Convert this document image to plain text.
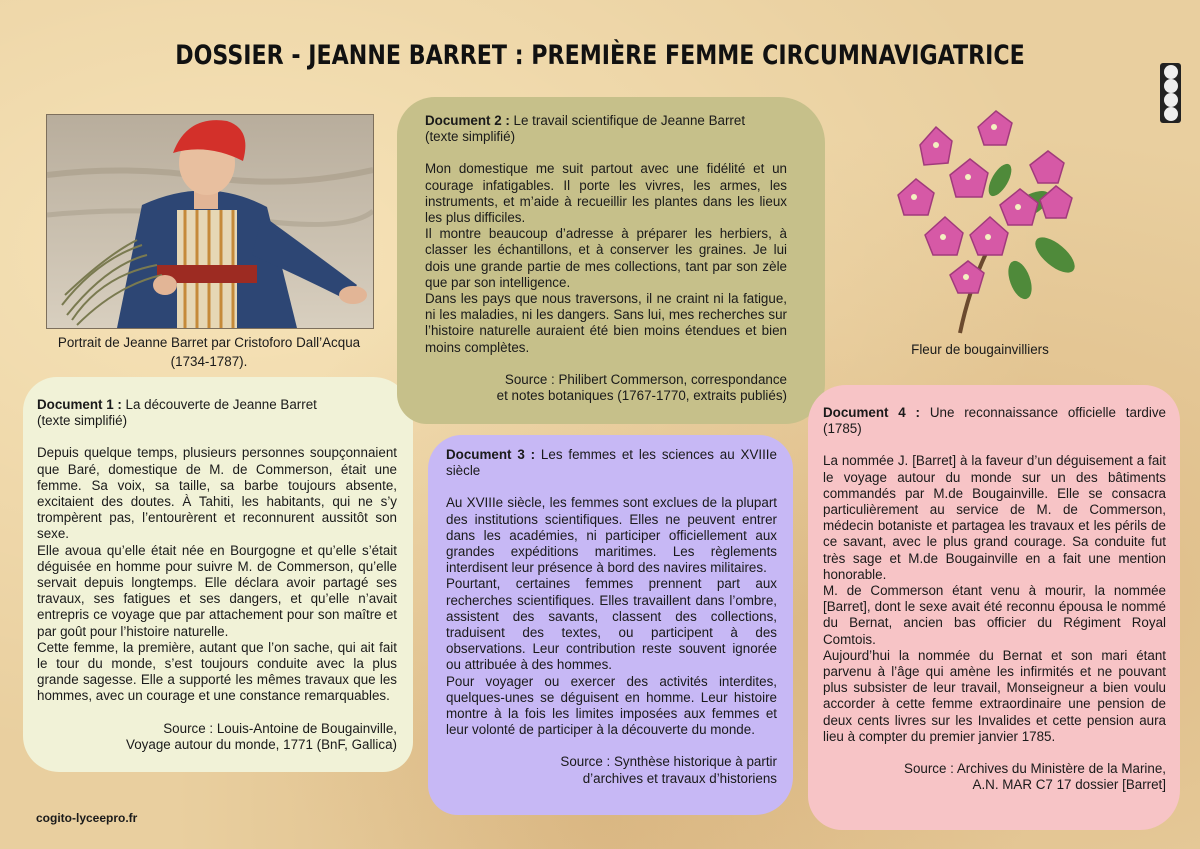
DOSSIER - JEANNE BARRET : PREMIÈRE FEMME CIRCUMNAVIGATRICE
Portrait de Jeanne Barret par Cristoforo Dall’Acqua (1734-1787).
Fleur de bougainvilliers

Document 1 : La découverte de Jeanne Barret

(texte simplifié)

Depuis quelque temps, plusieurs personnes soupçonnaient que Baré, domestique de M. de Commerson, était une femme. Sa voix, sa taille, sa barbe toujours absente, excitaient des doutes. À Tahiti, les habitants, qui ne s’y trompèrent pas, l’entourèrent et reconnurent aussitôt son sexe.

Elle avoua qu’elle était née en Bourgogne et qu’elle s’était déguisée en homme pour suivre M. de Commerson, qu’elle servait depuis longtemps. Elle déclara avoir partagé ses travaux, ses fatigues et ses dangers, et qu’elle n’avait entrepris ce voyage que par attachement pour son maître et par goût pour l’histoire naturelle.

Cette femme, la première, autant que l’on sache, qui ait fait le tour du monde, s’est toujours conduite avec la plus grande sagesse. Elle a supporté les mêmes travaux que les hommes, avec un courage et une constance remarquables.

Source : Louis-Antoine de Bougainville,

Voyage autour du monde, 1771 (BnF, Gallica)

Document 2 : Le travail scientifique de Jeanne Barret

(texte simplifié)

Mon domestique me suit partout avec une fidélité et un courage infatigables. Il porte les vivres, les armes, les instruments, et m’aide à recueillir les plantes dans les lieux les plus difficiles.

Il montre beaucoup d’adresse à préparer les herbiers, à classer les échantillons, et à conserver les graines. Je lui dois une grande partie de mes collections, tant par son zèle que par son intelligence.

Dans les pays que nous traversons, il ne craint ni la fatigue, ni les maladies, ni les dangers. Sans lui, mes recherches sur l’histoire naturelle auraient été bien moins étendues et bien moins complètes.

Source : Philibert Commerson, correspondance

et notes botaniques (1767-1770, extraits publiés)

Document 3 : Les femmes et les sciences au XVIIIe siècle

Au XVIIIe siècle, les femmes sont exclues de la plupart des institutions scientifiques. Elles ne peuvent entrer dans les académies, ni participer officiellement aux grandes expéditions maritimes. Les règlements interdisent leur présence à bord des navires militaires.

Pourtant, certaines femmes prennent part aux recherches scientifiques. Elles travaillent dans l’ombre, assistent des savants, classent des collections, traduisent des textes, ou participent à des observations. Leur contribution reste souvent ignorée ou attribuée à des hommes.

Pour voyager ou exercer des activités interdites, quelques-unes se déguisent en homme. Leur histoire montre à la fois les limites imposées aux femmes et leur volonté de participer à la découverte du monde.

Source : Synthèse historique à partir

d’archives et travaux d’historiens

Document 4 : Une reconnaissance officielle tardive (1785)

La nommée J. [Barret] à la faveur d’un déguisement a fait le voyage autour du monde sur un des bâtiments commandés par M.de Bougainville. Elle se consacra particulièrement au service de M. de Commerson, médecin botaniste et partagea les travaux et les périls de ce savant, avec le plus grand courage. Sa conduite fut très sage et M.de Bougainville en a fait une mention honorable.

M. de Commerson étant venu à mourir, la nommée [Barret], dont le sexe avait été reconnu épousa le nommé du Bernat, ancien bas officier du Régiment Royal Comtois.

Aujourd’hui la nommée du Bernat et son mari étant parvenu à l’âge qui amène les infirmités et ne pouvant plus subsister de leur travail, Monseigneur a bien voulu accorder à cette femme extraordinaire une pension de deux cents livres sur les Invalides et cette pension aura lieu à compter du premier janvier 1785.

Source : Archives du Ministère de la Marine,

A.N. MAR C7 17 dossier [Barret]

cogito-lyceepro.fr
